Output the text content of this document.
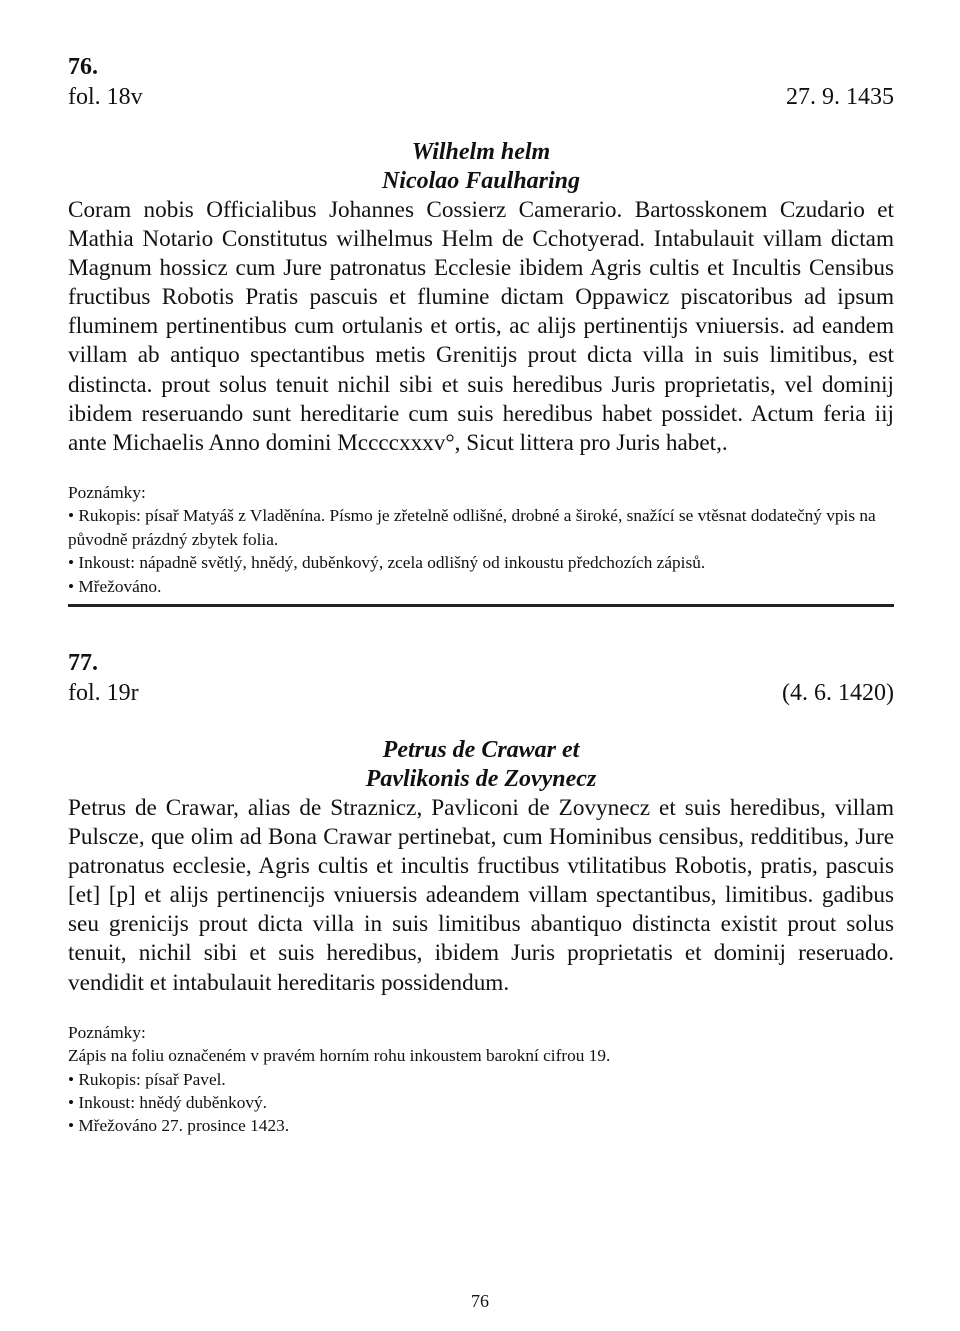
76.
fol. 18v	27. 9. 1435
Wilhelm helm
Nicolao Faulharing

Coram nobis Officialibus Johannes Cossierz Camerario. Bartosskonem Czudario et Mathia Notario Constitutus wilhelmus Helm de Cchotyerad. Intabulauit villam dictam Magnum hossicz cum Jure patronatus Ecclesie ibidem Agris cultis et Incultis Censibus fructibus Robotis Pratis pascuis et flumine dictam Oppawicz piscatoribus ad ipsum fluminem pertinentibus cum ortulanis et ortis, ac alijs pertinentijs vniuersis. ad eandem villam ab antiquo spectantibus metis Grenitijs prout dicta villa in suis limitibus, est distincta. prout solus tenuit nichil sibi et suis heredibus Juris proprietatis, vel dominij ibidem reseruando sunt hereditarie cum suis heredibus habet possidet. Actum feria iij ante Michaelis Anno domini Mccccxxxv°, Sicut littera pro Juris habet,.

Poznámky:
• Rukopis: písař Matyáš z Vladěnína. Písmo je zřetelně odlišné, drobné a široké, snažící se vtěsnat dodatečný vpis na původně prázdný zbytek folia.
• Inkoust: nápadně světlý, hnědý, duběnkový, zcela odlišný od inkoustu předchozích zápisů.
• Mřežováno.
77.
fol. 19r	(4. 6. 1420)
Petrus de Crawar et
Pavlikonis de Zovynecz

Petrus de Crawar, alias de Straznicz, Pavliconi de Zovynecz et suis heredibus, villam Pulscze, que olim ad Bona Crawar pertinebat, cum Hominibus censibus, redditibus, Jure patronatus ecclesie, Agris cultis et incultis fructibus vtilitatibus Robotis, pratis, pascuis [et] [p] et alijs pertinencijs vniuersis adeandem villam spectantibus, limitibus. gadibus seu grenicijs prout dicta villa in suis limitibus abantiquo distincta existit prout solus tenuit, nichil sibi et suis heredibus, ibidem Juris proprietatis et dominij reseruado. vendidit et intabulauit hereditaris possidendum.

Poznámky:
Zápis na foliu označeném v pravém horním rohu inkoustem barokní cifrou 19.
• Rukopis: písař Pavel.
• Inkoust: hnědý duběnkový.
• Mřežováno 27. prosince 1423.
76
